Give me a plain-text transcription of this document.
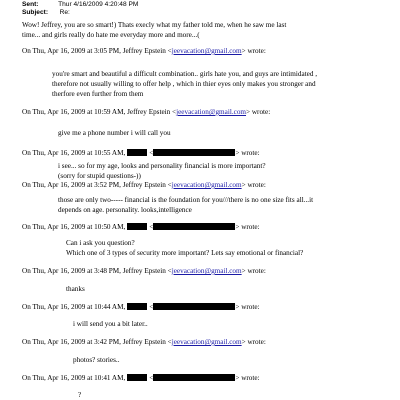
Sent:	Thur 4/16/2009 4:20:48 PM
Subject: Re:
Wow! Jeffrey, you are so smart!) Thats execly what my father told me, when he saw me last
time... and girls really do hate me everyday more and more...(
On Thu, Apr 16, 2009 at 3:05 PM, Jeffrey Epstein <jeevacation@gmail.com> wrote:
you're smart and beautiful a difficult combination.. girls hate you, and guys are intimidated ,
therefore not usually willing to offer help , which in thier eyes only makes you stronger and
therfore even further from them
On Thu, Apr 16, 2009 at 10:59 AM, Jeffrey Epstein <jeevacation@gmail.com> wrote:
give me a phone number i will call you
On Thu, Apr 16, 2009 at 10:55 AM,	<	> wrote:
i see... so for my age, looks and personality financial is more important?
(sorry for stupid questions-))
On Thu, Apr 16, 2009 at 3:52 PM, Jeffrey Epstein <jeevacation@gmail.com> wrote:
those are only two----- financial is the foundation for you///there is no one size fits all...it
depends on age. personality. looks,intelligence
On Thu, Apr 16, 2009 at 10:50 AM,	<	> wrote:
Can i ask you question?
Which one of 3 types of security more important? Lets say emotional or financial?
On Thu, Apr 16, 2009 at 3:48 PM, Jeffrey Epstein <jeevacation@gmail.com> wrote:
thanks
On Thu, Apr 16, 2009 at 10:44 AM,	<	> wrote:
i will send you a bit later..
On Thu, Apr 16, 2009 at 3:42 PM, Jeffrey Epstein <jeevacation@gmail.com> wrote:
photos? stories..
On Thu, Apr 16, 2009 at 10:41 AM,	<	> wrote:
?
